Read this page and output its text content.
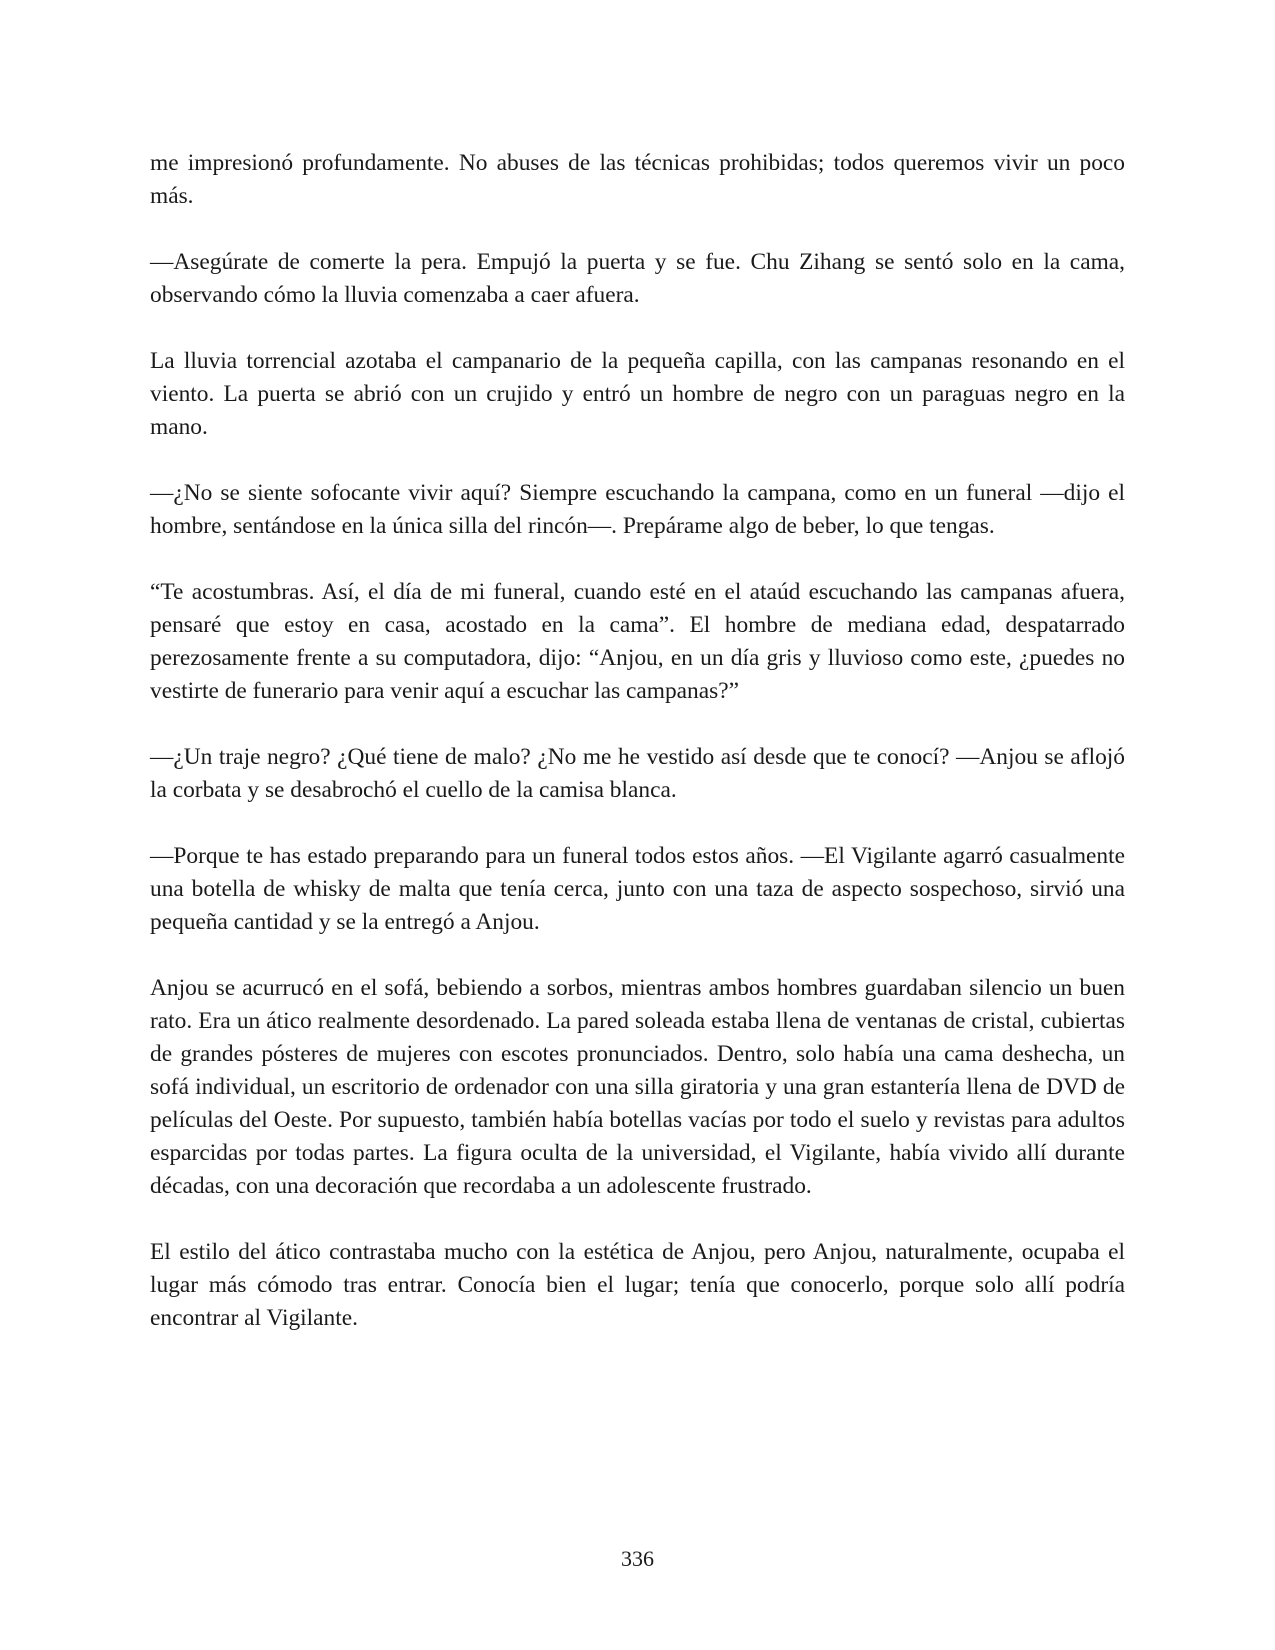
me impresionó profundamente. No abuses de las técnicas prohibidas; todos queremos vivir un poco más.

—Asegúrate de comerte la pera. Empujó la puerta y se fue. Chu Zihang se sentó solo en la cama, observando cómo la lluvia comenzaba a caer afuera.

La lluvia torrencial azotaba el campanario de la pequeña capilla, con las campanas resonando en el viento. La puerta se abrió con un crujido y entró un hombre de negro con un paraguas negro en la mano.

—¿No se siente sofocante vivir aquí? Siempre escuchando la campana, como en un funeral —dijo el hombre, sentándose en la única silla del rincón—. Prepárame algo de beber, lo que tengas.

“Te acostumbras. Así, el día de mi funeral, cuando esté en el ataúd escuchando las campanas afuera, pensaré que estoy en casa, acostado en la cama”. El hombre de mediana edad, despatarrado perezosamente frente a su computadora, dijo: “Anjou, en un día gris y lluvioso como este, ¿puedes no vestirte de funerario para venir aquí a escuchar las campanas?”

—¿Un traje negro? ¿Qué tiene de malo? ¿No me he vestido así desde que te conocí? —Anjou se aflojó la corbata y se desabrochó el cuello de la camisa blanca.

—Porque te has estado preparando para un funeral todos estos años. —El Vigilante agarró casualmente una botella de whisky de malta que tenía cerca, junto con una taza de aspecto sospechoso, sirvió una pequeña cantidad y se la entregó a Anjou.

Anjou se acurrucó en el sofá, bebiendo a sorbos, mientras ambos hombres guardaban silencio un buen rato. Era un ático realmente desordenado. La pared soleada estaba llena de ventanas de cristal, cubiertas de grandes pósteres de mujeres con escotes pronunciados. Dentro, solo había una cama deshecha, un sofá individual, un escritorio de ordenador con una silla giratoria y una gran estantería llena de DVD de películas del Oeste. Por supuesto, también había botellas vacías por todo el suelo y revistas para adultos esparcidas por todas partes. La figura oculta de la universidad, el Vigilante, había vivido allí durante décadas, con una decoración que recordaba a un adolescente frustrado.

El estilo del ático contrastaba mucho con la estética de Anjou, pero Anjou, naturalmente, ocupaba el lugar más cómodo tras entrar. Conocía bien el lugar; tenía que conocerlo, porque solo allí podría encontrar al Vigilante.

336
